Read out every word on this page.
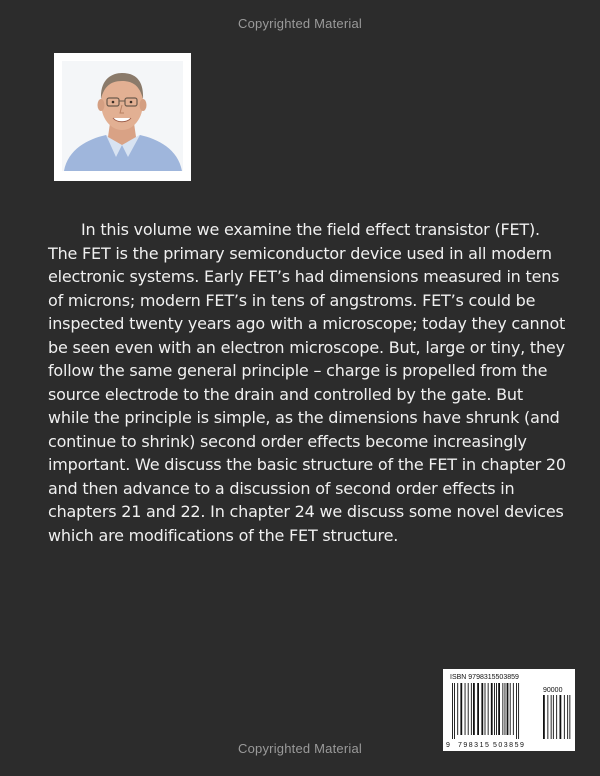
Copyrighted Material

In this volume we examine the field effect transistor (FET). The FET is the primary semiconductor device used in all modern electronic systems. Early FET’s had dimensions measured in tens of microns; modern FET’s in tens of angstroms. FET’s could be inspected twenty years ago with a microscope; today they cannot be seen even with an electron microscope. But, large or tiny, they follow the same general principle – charge is propelled from the source electrode to the drain and controlled by the gate. But while the principle is simple, as the dimensions have shrunk (and continue to shrink) second order effects become increasingly important. We discuss the basic structure of the FET in chapter 20 and then advance to a discussion of second order effects in chapters 21 and 22. In chapter 24 we discuss some novel devices which are modifications of the FET structure.

ISBN 9798315503859
90000
9 798315 503859
Copyrighted Material
